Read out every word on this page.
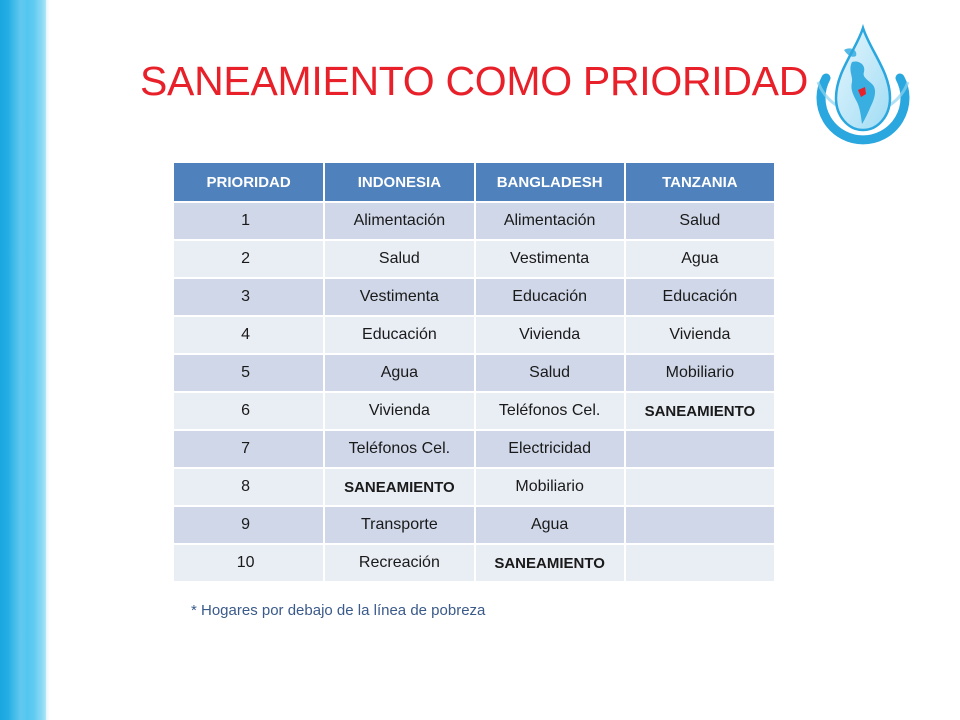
SANEAMIENTO COMO PRIORIDAD
PRIORIDAD	INDONESIA	BANGLADESH	TANZANIA
1	Alimentación	Alimentación	Salud
2	Salud	Vestimenta	Agua
3	Vestimenta	Educación	Educación
4	Educación	Vivienda	Vivienda
5	Agua	Salud	Mobiliario
6	Vivienda	Teléfonos Cel.	SANEAMIENTO
7	Teléfonos Cel.	Electricidad	
8	SANEAMIENTO	Mobiliario	
9	Transporte	Agua	
10	Recreación	SANEAMIENTO	
* Hogares por debajo de la línea de pobreza
